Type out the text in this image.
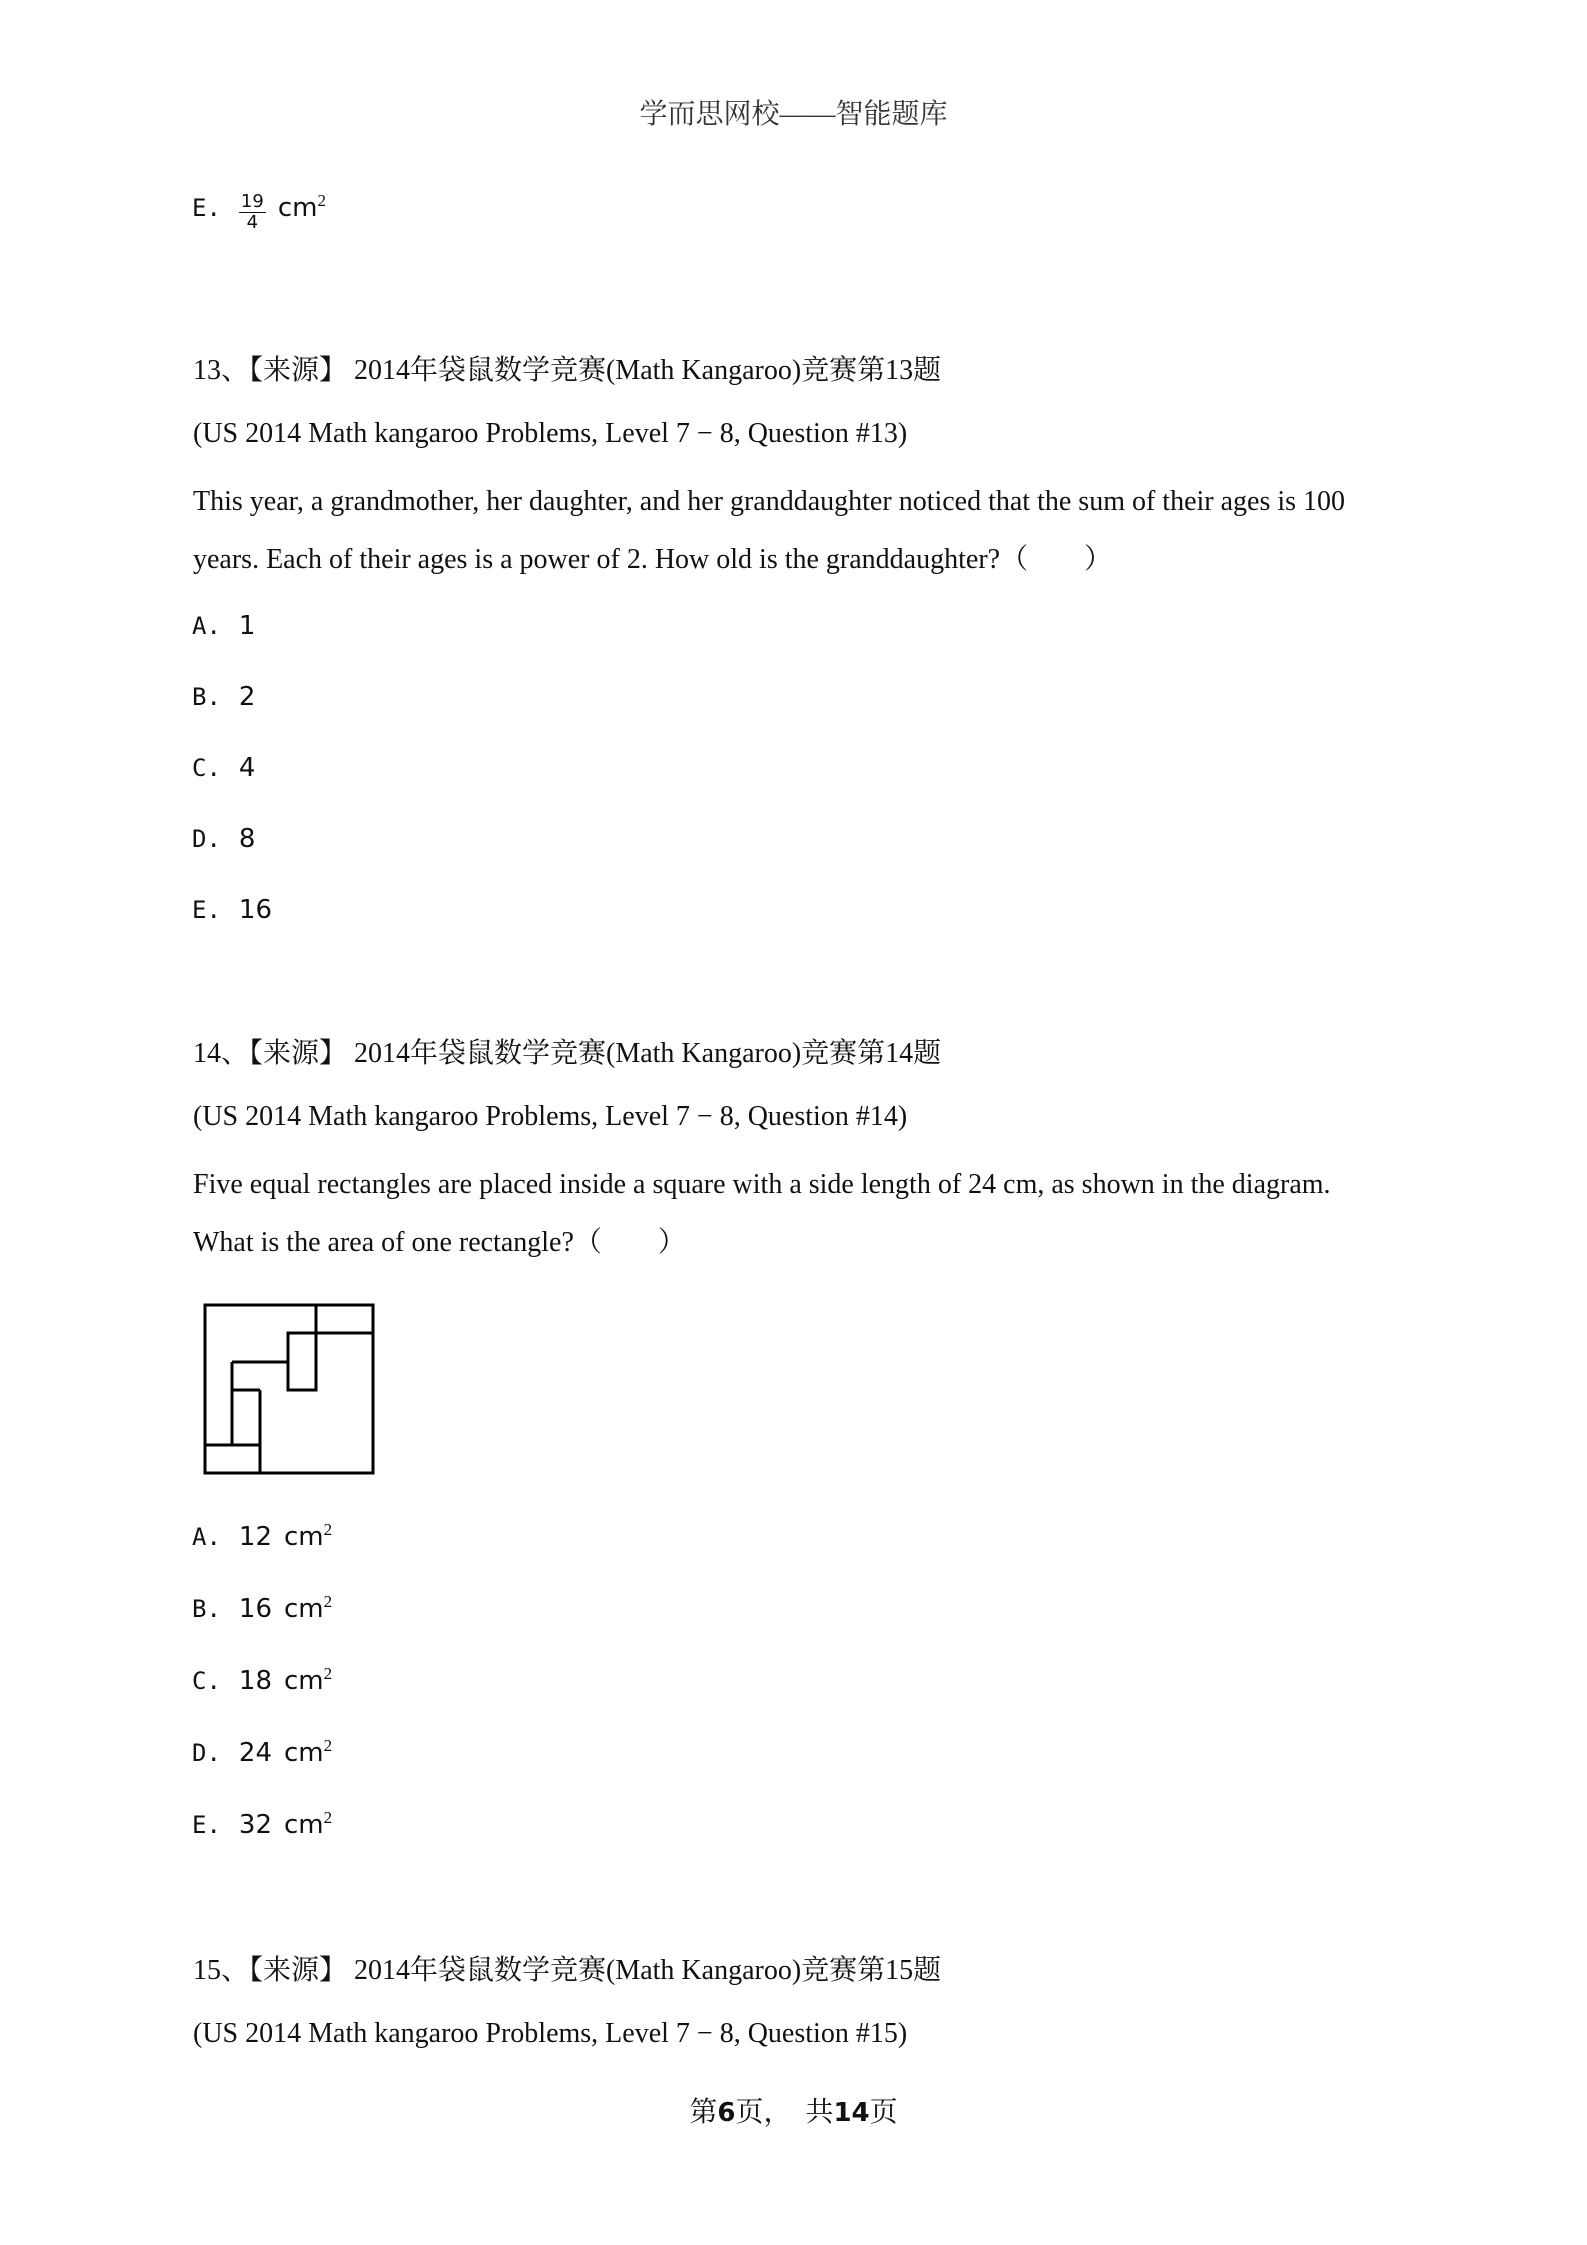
学而思网校——智能题库
E. $\frac{19}{4} cm^2$
13、【来源】 2014年袋鼠数学竞赛(Math Kangaroo)竞赛第13题
(US 2014 Math kangaroo Problems, Level 7 − 8, Question #13)
This year, a grandmother, her daughter, and her granddaughter noticed that the sum of their ages is 100
years. Each of their ages is a power of 2. How old is the granddaughter?（　　）
A. 1
B. 2
C. 4
D. 8
E. 16
14、【来源】 2014年袋鼠数学竞赛(Math Kangaroo)竞赛第14题
(US 2014 Math kangaroo Problems, Level 7 − 8, Question #14)
Five equal rectangles are placed inside a square with a side length of 24 cm, as shown in the diagram.
What is the area of one rectangle?（　　）
A. 12 $cm^2$
B. 16 $cm^2$
C. 18 $cm^2$
D. 24 $cm^2$
E. 32 $cm^2$
15、【来源】 2014年袋鼠数学竞赛(Math Kangaroo)竞赛第15题
(US 2014 Math kangaroo Problems, Level 7 − 8, Question #15)
第6页，　共14页
